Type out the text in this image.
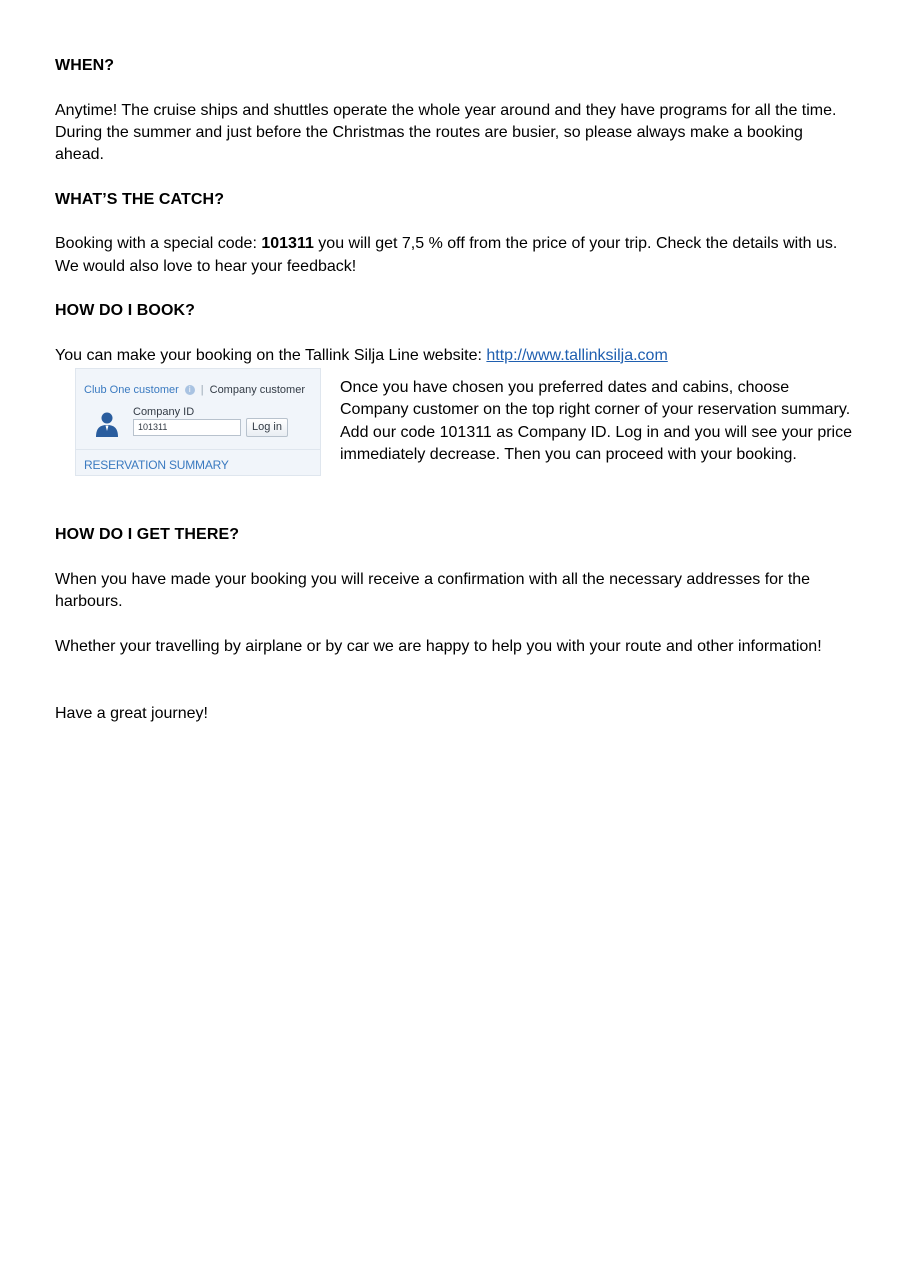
WHEN?

Anytime! The cruise ships and shuttles operate the whole year around and they have programs for all the time. During the summer and just before the Christmas the routes are busier, so please always make a booking ahead.

WHAT’S THE CATCH?

Booking with a special code: 101311 you will get 7,5 % off from the price of your trip. Check the details with us. We would also love to hear your feedback!

HOW DO I BOOK?

You can make your booking on the Tallink Silja Line website: http://www.tallinksilja.com

Club One customer i | Company customer
Company ID
101311	Log in
RESERVATION SUMMARY

Once you have chosen you preferred dates and cabins, choose Company customer on the top right corner of your reservation summary. Add our code 101311 as Company ID. Log in and you will see your price immediately decrease. Then you can proceed with your booking.

HOW DO I GET THERE?

When you have made your booking you will receive a confirmation with all the necessary addresses for the harbours.

Whether your travelling by airplane or by car we are happy to help you with your route and other information!

Have a great journey!
